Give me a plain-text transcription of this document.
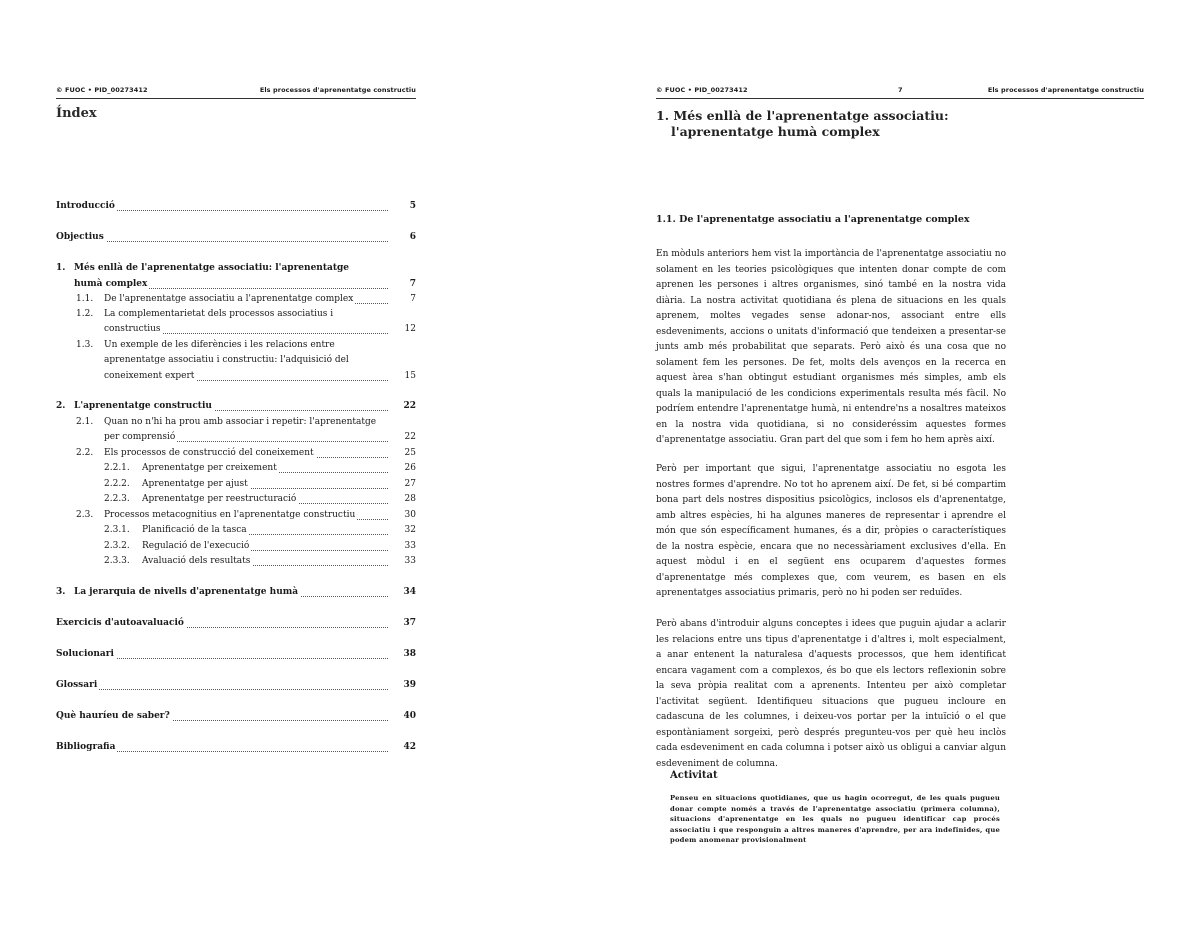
© FUOC • PID_00273412	Els processos d'aprenentatge constructiu
Índex
Introducció	5
Objectius	6
1. Més enllà de l'aprenentatge associatiu: l'aprenentatge
humà complex	7
1.1. De l'aprenentatge associatiu a l'aprenentatge complex	7
1.2. La complementarietat dels processos associatius i
constructius	12
1.3. Un exemple de les diferències i les relacions entre
aprenentatge associatiu i constructiu: l'adquisició del
coneixement expert	15
2. L'aprenentatge constructiu	22
2.1. Quan no n'hi ha prou amb associar i repetir: l'aprenentatge
per comprensió	22
2.2. Els processos de construcció del coneixement	25
2.2.1. Aprenentatge per creixement	26
2.2.2. Aprenentatge per ajust	27
2.2.3. Aprenentatge per reestructuració	28
2.3. Processos metacognitius en l'aprenentatge constructiu	30
2.3.1. Planificació de la tasca	32
2.3.2. Regulació de l'execució	33
2.3.3. Avaluació dels resultats	33
3. La jerarquia de nivells d'aprenentatge humà	34
Exercicis d'autoavaluació	37
Solucionari	38
Glossari	39
Què hauríeu de saber?	40
Bibliografia	42
© FUOC • PID_00273412	7	Els processos d'aprenentatge constructiu
1. Més enllà de l'aprenentatge associatiu:
l'aprenentatge humà complex
1.1. De l'aprenentatge associatiu a l'aprenentatge complex

En mòduls anteriors hem vist la importància de l'aprenentatge associatiu no solament en les teories psicològiques que intenten donar compte de com aprenen les persones i altres organismes, sinó també en la nostra vida diària. La nostra activitat quotidiana és plena de situacions en les quals aprenem, moltes vegades sense adonar-nos, associant entre ells esdeveniments, accions o unitats d'informació que tendeixen a presentar-se junts amb més probabilitat que separats. Però això és una cosa que no solament fem les persones. De fet, molts dels avenços en la recerca en aquest àrea s'han obtingut estudiant organismes més simples, amb els quals la manipulació de les condicions experimentals resulta més fàcil. No podríem entendre l'aprenentatge humà, ni entendre'ns a nosaltres mateixos en la nostra vida quotidiana, si no consideréssim aquestes formes d'aprenentatge associatiu. Gran part del que som i fem ho hem après així.

Però per important que sigui, l'aprenentatge associatiu no esgota les nostres formes d'aprendre. No tot ho aprenem així. De fet, si bé compartim bona part dels nostres dispositius psicològics, inclosos els d'aprenentatge, amb altres espècies, hi ha algunes maneres de representar i aprendre el món que són específicament humanes, és a dir, pròpies o característiques de la nostra espècie, encara que no necessàriament exclusives d'ella. En aquest mòdul i en el següent ens ocuparem d'aquestes formes d'aprenentatge més complexes que, com veurem, es basen en els aprenentatges associatius primaris, però no hi poden ser reduïdes.

Però abans d'introduir alguns conceptes i idees que puguin ajudar a aclarir les relacions entre uns tipus d'aprenentatge i d'altres i, molt especialment, a anar entenent la naturalesa d'aquests processos, que hem identificat encara vagament com a complexos, és bo que els lectors reflexionin sobre la seva pròpia realitat com a aprenents. Intenteu per això completar l'activitat següent. Identifiqueu situacions que pugueu incloure en cadascuna de les columnes, i deixeu-vos portar per la intuïció o el que espontàniament sorgeixi, però després pregunteu-vos per què heu inclòs cada esdeveniment en cada columna i potser això us obligui a canviar algun esdeveniment de columna.

Activitat

Penseu en situacions quotidianes, que us hagin ocorregut, de les quals pugueu donar compte només a través de l'aprenentatge associatiu (primera columna), situacions d'aprenentatge en les quals no pugueu identificar cap procés associatiu i que responguin a altres maneres d'aprendre, per ara indefinides, que podem anomenar provisionalment
